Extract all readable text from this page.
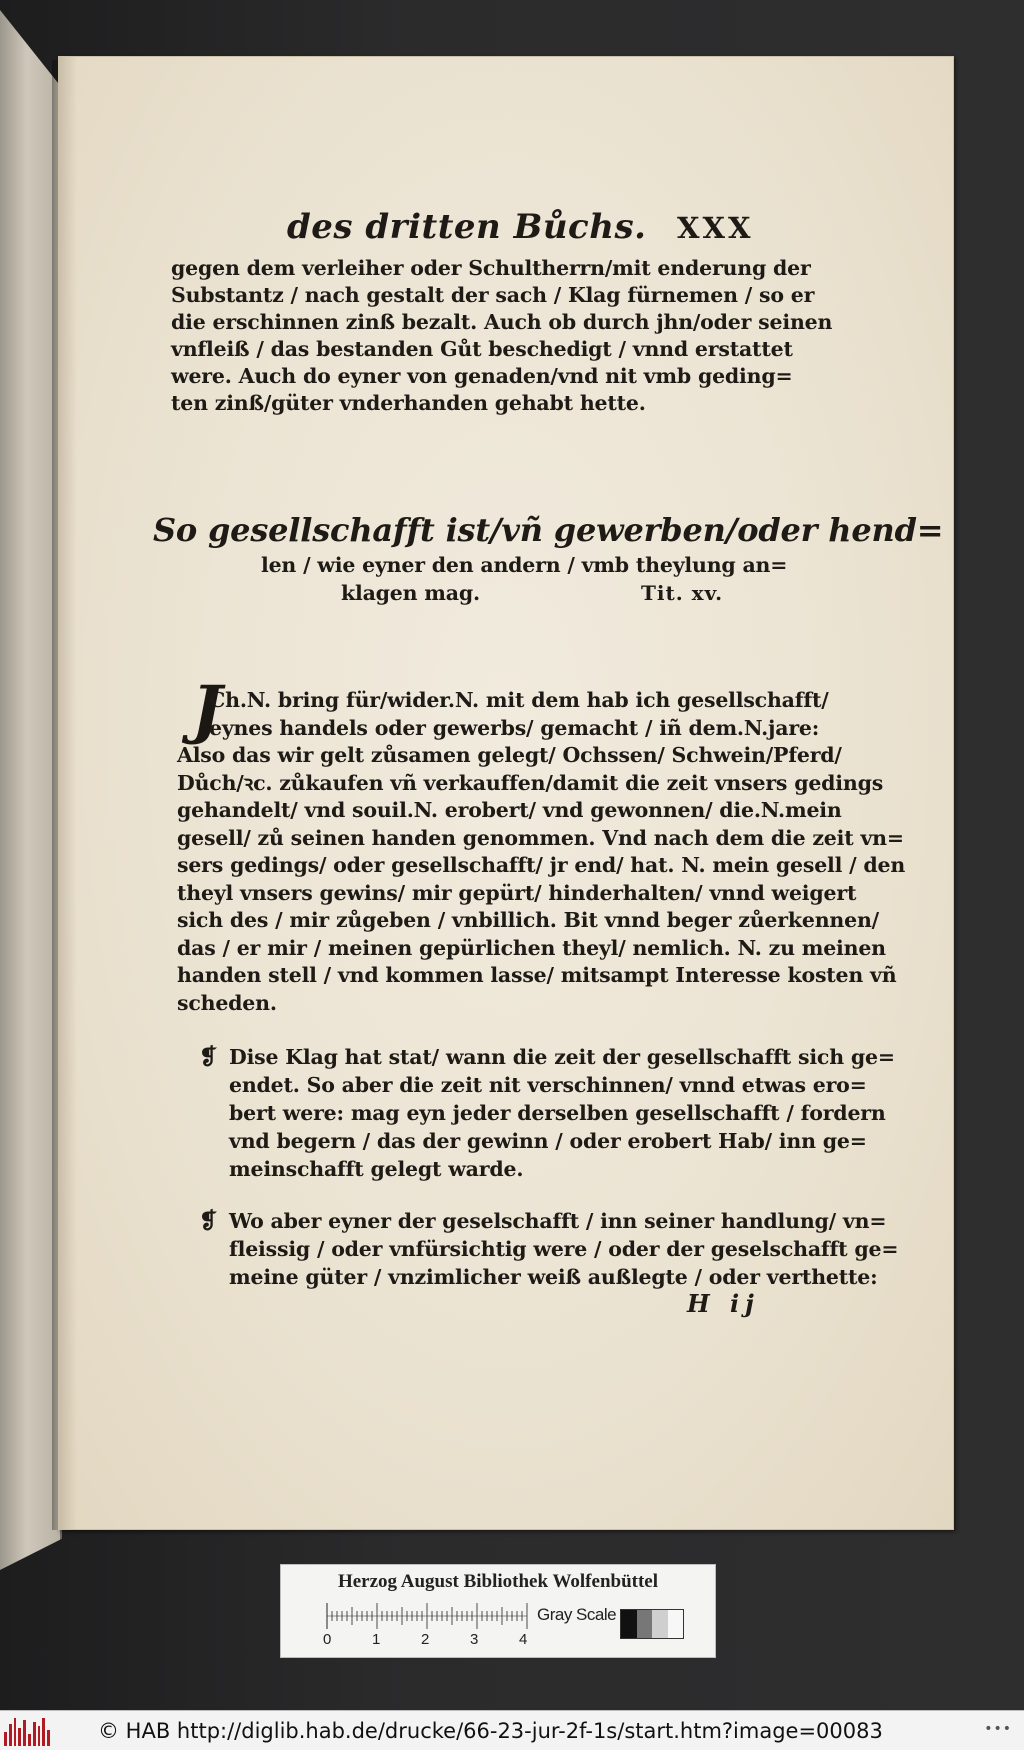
des dritten Bůchs. XXX
gegen dem verleiher oder Schultherrn/mit enderung der
Substantz / nach gestalt der sach / Klag fürnemen / so er
die erschinnen zinß bezalt. Auch ob durch jhn/oder seinen
vnfleiß / das bestanden Gůt beschedigt / vnnd erstattet
were. Auch do eyner von genaden/vnd nit vmb geding=
ten zinß/güter vnderhanden gehabt hette.
So gesellschafft ist/vñ gewerben/oder hend=
len / wie eyner den andern / vmb theylung an=
klagen mag.	Tit. xv.
J
Ch.N. bring für/wider.N. mit dem hab ich gesellschafft/
eynes handels oder gewerbs/ gemacht / iñ dem.N.jare:
Also das wir gelt zůsamen gelegt/ Ochssen/ Schwein/Pferd/
Důch/ꝛc. zůkaufen vñ verkauffen/damit die zeit vnsers gedings
gehandelt/ vnd souil.N. erobert/ vnd gewonnen/ die.N.mein
gesell/ zů seinen handen genommen. Vnd nach dem die zeit vn=
sers gedings/ oder gesellschafft/ jr end/ hat. N. mein gesell / den
theyl vnsers gewins/ mir gepürt/ hinderhalten/ vnnd weigert
sich des / mir zůgeben / vnbillich. Bit vnnd beger zůerkennen/
das / er mir / meinen gepürlichen theyl/ nemlich. N. zu meinen
handen stell / vnd kommen lasse/ mitsampt Interesse kosten vñ
scheden.
❡ Dise Klag hat stat/ wann die zeit der gesellschafft sich ge=
endet. So aber die zeit nit verschinnen/ vnnd etwas ero=
bert were: mag eyn jeder derselben gesellschafft / fordern
vnd begern / das der gewinn / oder erobert Hab/ inn ge=
meinschafft gelegt warde.
❡ Wo aber eyner der geselschafft / inn seiner handlung/ vn=
fleissig / oder vnfürsichtig were / oder der geselschafft ge=
meine güter / vnzimlicher weiß außlegte / oder verthette:
H ij
Herzog August Bibliothek Wolfenbüttel
0	1	2	3	4
Gray Scale
© HAB http://diglib.hab.de/drucke/66-23-jur-2f-1s/start.htm?image=00083	•••
